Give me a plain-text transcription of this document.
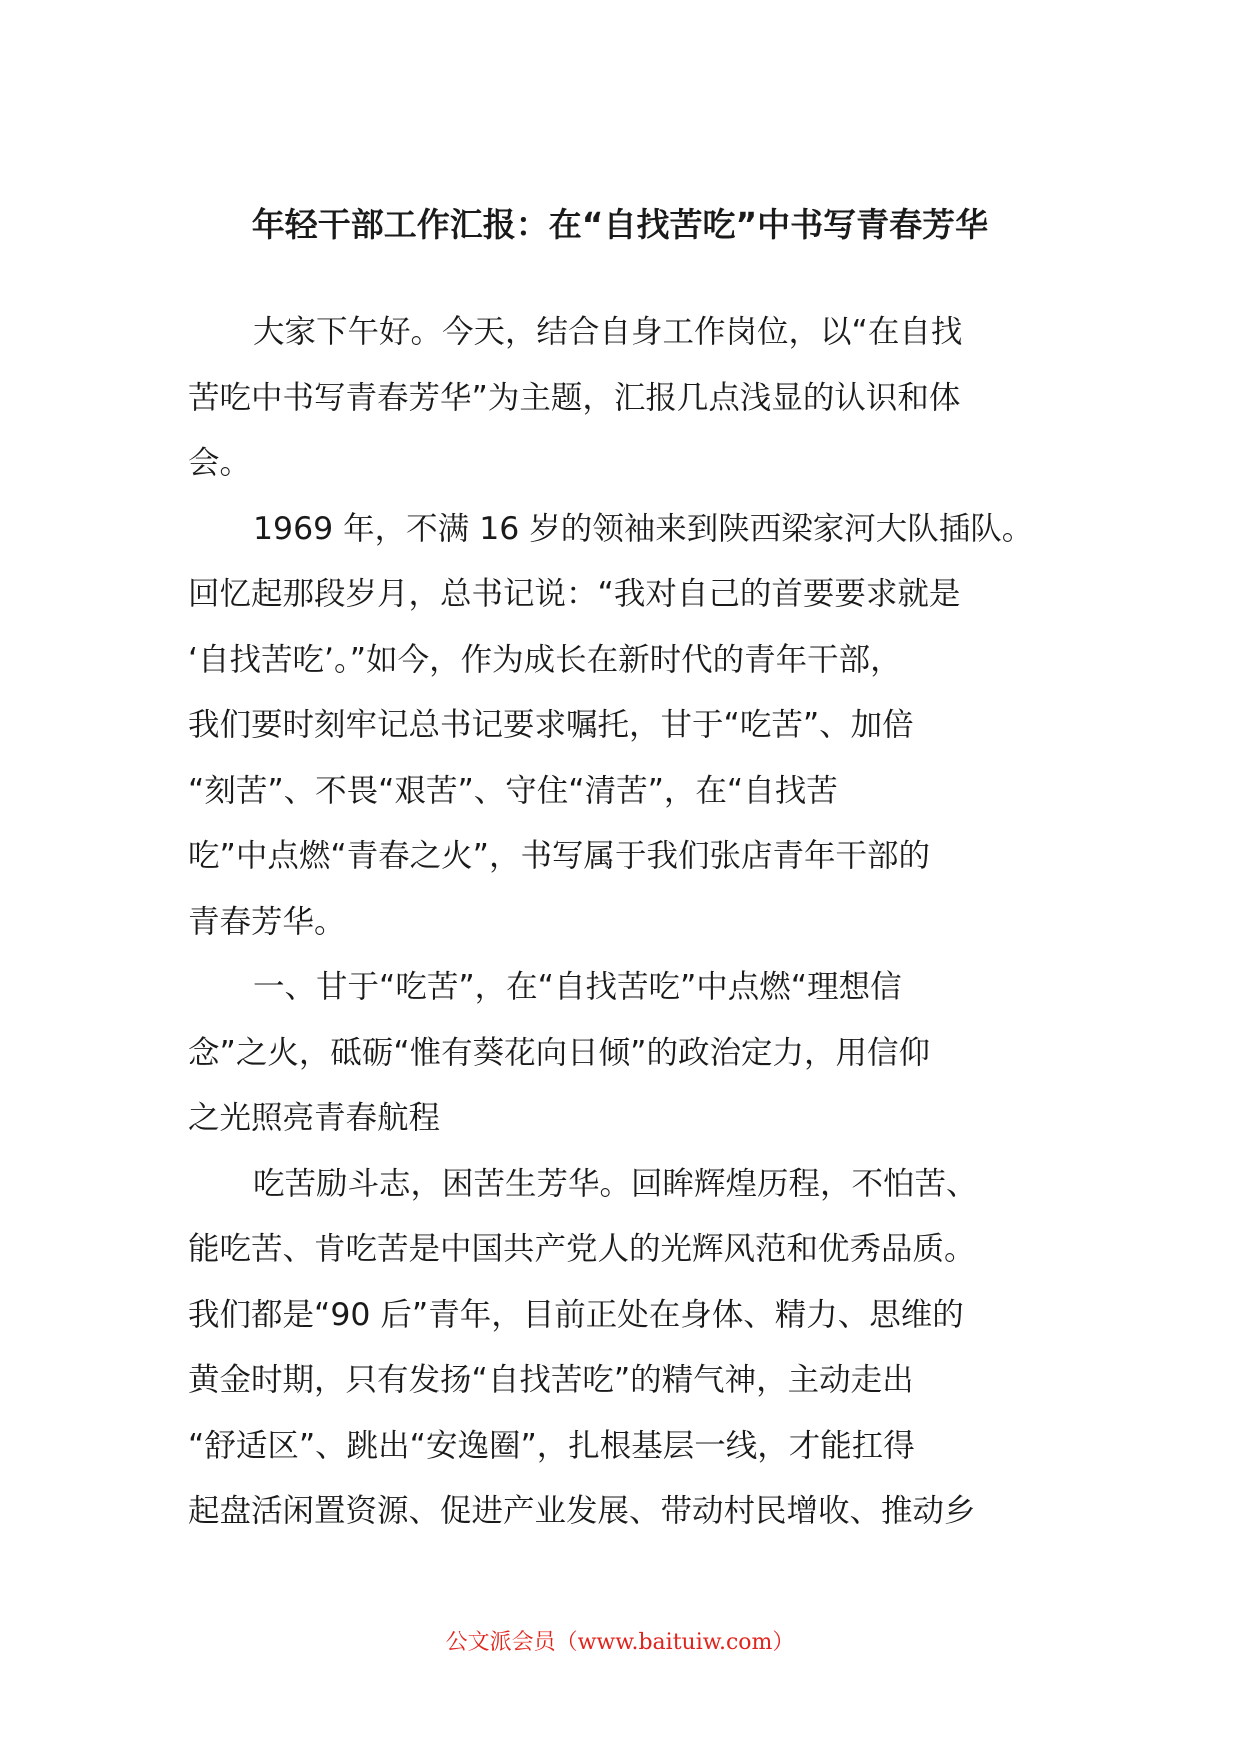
年轻干部工作汇报：在“自找苦吃”中书写青春芳华
大家下午好。今天，结合自身工作岗位，以“在自找
苦吃中书写青春芳华”为主题，汇报几点浅显的认识和体
会。
1969 年，不满 16 岁的领袖来到陕西梁家河大队插队。
回忆起那段岁月，总书记说：“我对自己的首要要求就是
‘自找苦吃’。”如今，作为成长在新时代的青年干部，
我们要时刻牢记总书记要求嘱托，甘于“吃苦”、加倍
“刻苦”、不畏“艰苦”、守住“清苦”，在“自找苦
吃”中点燃“青春之火”，书写属于我们张店青年干部的
青春芳华。
一、甘于“吃苦”，在“自找苦吃”中点燃“理想信
念”之火，砥砺“惟有葵花向日倾”的政治定力，用信仰
之光照亮青春航程
吃苦励斗志，困苦生芳华。回眸辉煌历程，不怕苦、
能吃苦、肯吃苦是中国共产党人的光辉风范和优秀品质。
我们都是“90 后”青年，目前正处在身体、精力、思维的
黄金时期，只有发扬“自找苦吃”的精气神，主动走出
“舒适区”、跳出“安逸圈”，扎根基层一线，才能扛得
起盘活闲置资源、促进产业发展、带动村民增收、推动乡
公文派会员（www.baituiw.com）
